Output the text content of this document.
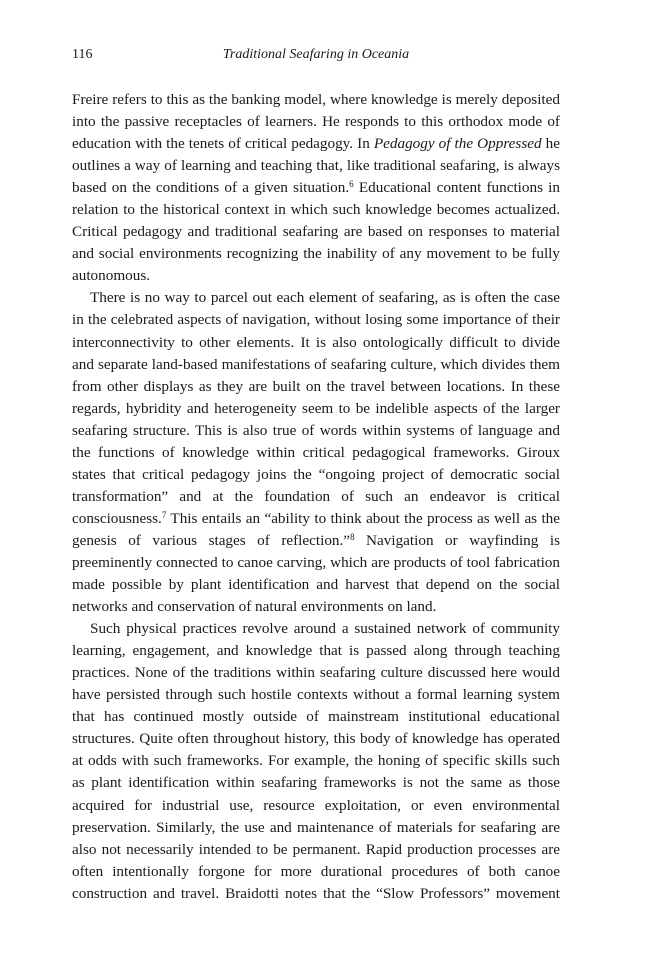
116	Traditional Seafaring in Oceania

Freire refers to this as the banking model, where knowledge is merely deposited into the passive receptacles of learners. He responds to this orthodox mode of education with the tenets of critical pedagogy. In Pedagogy of the Oppressed he outlines a way of learning and teaching that, like traditional seafaring, is always based on the conditions of a given situation.$^6$ Educational content functions in relation to the historical context in which such knowledge becomes actualized. Critical pedagogy and traditional seafaring are based on responses to material and social environments recognizing the inability of any movement to be fully autonomous.

There is no way to parcel out each element of seafaring, as is often the case in the celebrated aspects of navigation, without losing some importance of their interconnectivity to other elements. It is also ontologically difficult to divide and separate land-based manifestations of seafaring culture, which divides them from other displays as they are built on the travel between locations. In these regards, hybridity and heterogeneity seem to be indelible aspects of the larger seafaring structure. This is also true of words within systems of language and the functions of knowledge within critical pedagogical frameworks. Giroux states that critical pedagogy joins the “ongoing project of democratic social transformation” and at the foundation of such an endeavor is critical consciousness.$^7$ This entails an “ability to think about the process as well as the genesis of various stages of reflection.”$^8$ Navigation or wayfinding is preeminently connected to canoe carving, which are products of tool fabrication made possible by plant identification and harvest that depend on the social networks and conservation of natural environments on land.

Such physical practices revolve around a sustained network of community learning, engagement, and knowledge that is passed along through teaching practices. None of the traditions within seafaring culture discussed here would have persisted through such hostile contexts without a formal learning system that has continued mostly outside of mainstream institutional educational structures. Quite often throughout history, this body of knowledge has operated at odds with such frameworks. For example, the honing of specific skills such as plant identification within seafaring frameworks is not the same as those acquired for industrial use, resource exploitation, or even environmental preservation. Similarly, the use and maintenance of materials for seafaring are also not necessarily intended to be permanent. Rapid production processes are often intentionally forgone for more durational procedures of both canoe construction and travel. Braidotti notes that the “Slow Professors” movement
